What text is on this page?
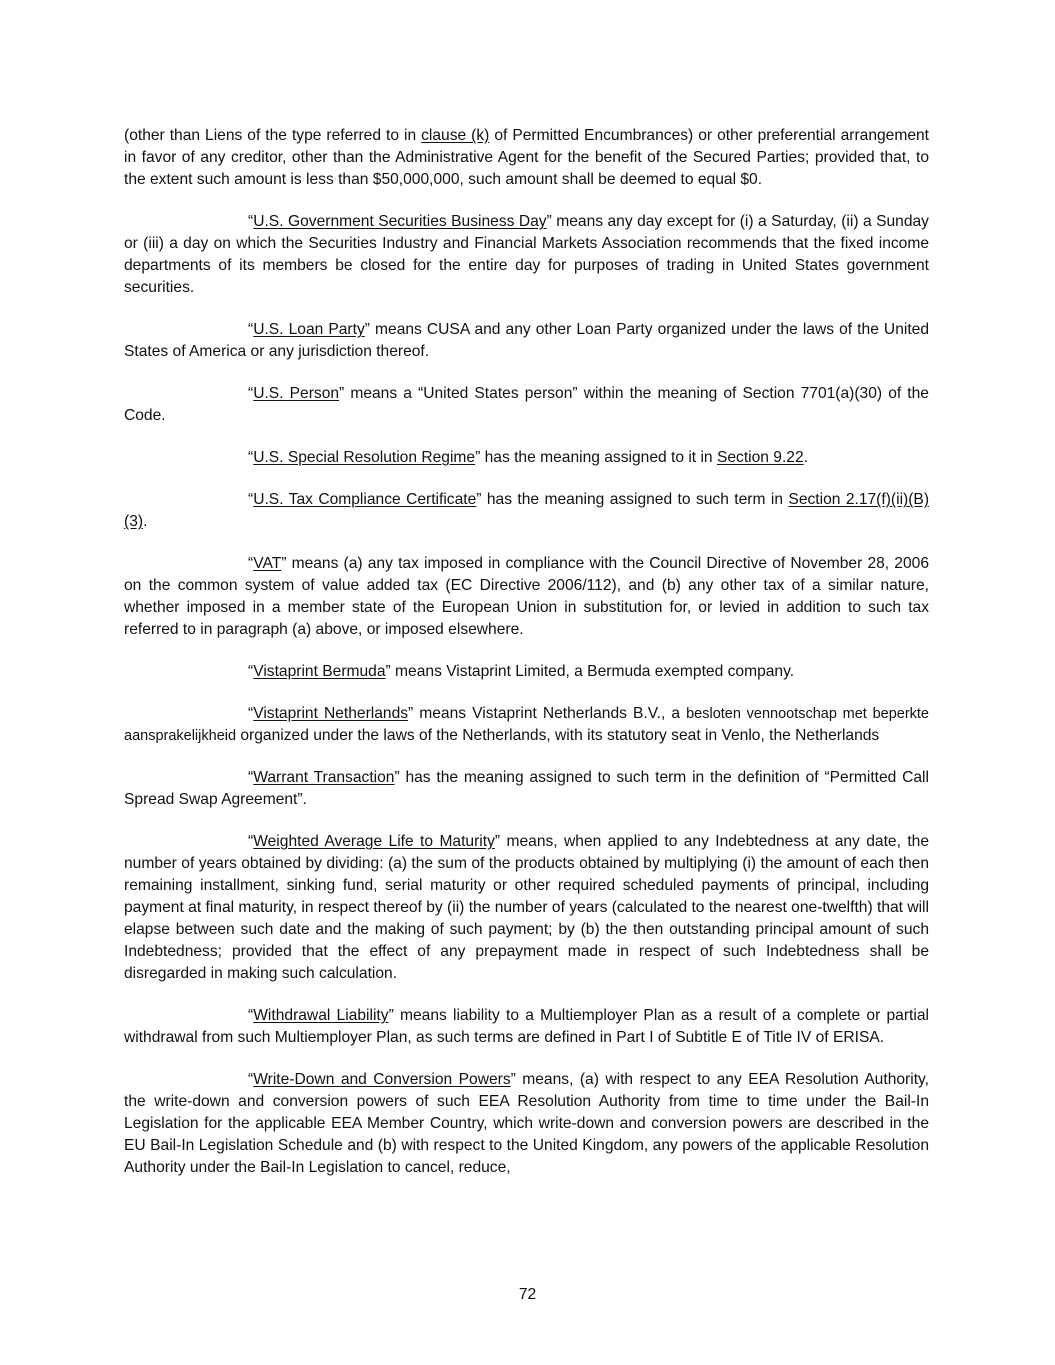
(other than Liens of the type referred to in clause (k) of Permitted Encumbrances) or other preferential arrangement in favor of any creditor, other than the Administrative Agent for the benefit of the Secured Parties; provided that, to the extent such amount is less than $50,000,000, such amount shall be deemed to equal $0.

“U.S. Government Securities Business Day” means any day except for (i) a Saturday, (ii) a Sunday or (iii) a day on which the Securities Industry and Financial Markets Association recommends that the fixed income departments of its members be closed for the entire day for purposes of trading in United States government securities.

“U.S. Loan Party” means CUSA and any other Loan Party organized under the laws of the United States of America or any jurisdiction thereof.

“U.S. Person” means a “United States person” within the meaning of Section 7701(a)(30) of the Code.

“U.S. Special Resolution Regime” has the meaning assigned to it in Section 9.22.

“U.S. Tax Compliance Certificate” has the meaning assigned to such term in Section 2.17(f)(ii)(B)(3).

“VAT” means (a) any tax imposed in compliance with the Council Directive of November 28, 2006 on the common system of value added tax (EC Directive 2006/112), and (b) any other tax of a similar nature, whether imposed in a member state of the European Union in substitution for, or levied in addition to such tax referred to in paragraph (a) above, or imposed elsewhere.

“Vistaprint Bermuda” means Vistaprint Limited, a Bermuda exempted company.

“Vistaprint Netherlands” means Vistaprint Netherlands B.V., a besloten vennootschap met beperkte aansprakelijkheid organized under the laws of the Netherlands, with its statutory seat in Venlo, the Netherlands

“Warrant Transaction” has the meaning assigned to such term in the definition of “Permitted Call Spread Swap Agreement”.

“Weighted Average Life to Maturity” means, when applied to any Indebtedness at any date, the number of years obtained by dividing: (a) the sum of the products obtained by multiplying (i) the amount of each then remaining installment, sinking fund, serial maturity or other required scheduled payments of principal, including payment at final maturity, in respect thereof by (ii) the number of years (calculated to the nearest one-twelfth) that will elapse between such date and the making of such payment; by (b) the then outstanding principal amount of such Indebtedness; provided that the effect of any prepayment made in respect of such Indebtedness shall be disregarded in making such calculation.

“Withdrawal Liability” means liability to a Multiemployer Plan as a result of a complete or partial withdrawal from such Multiemployer Plan, as such terms are defined in Part I of Subtitle E of Title IV of ERISA.

“Write-Down and Conversion Powers” means, (a) with respect to any EEA Resolution Authority, the write-down and conversion powers of such EEA Resolution Authority from time to time under the Bail-In Legislation for the applicable EEA Member Country, which write-down and conversion powers are described in the EU Bail-In Legislation Schedule and (b) with respect to the United Kingdom, any powers of the applicable Resolution Authority under the Bail-In Legislation to cancel, reduce,

72
